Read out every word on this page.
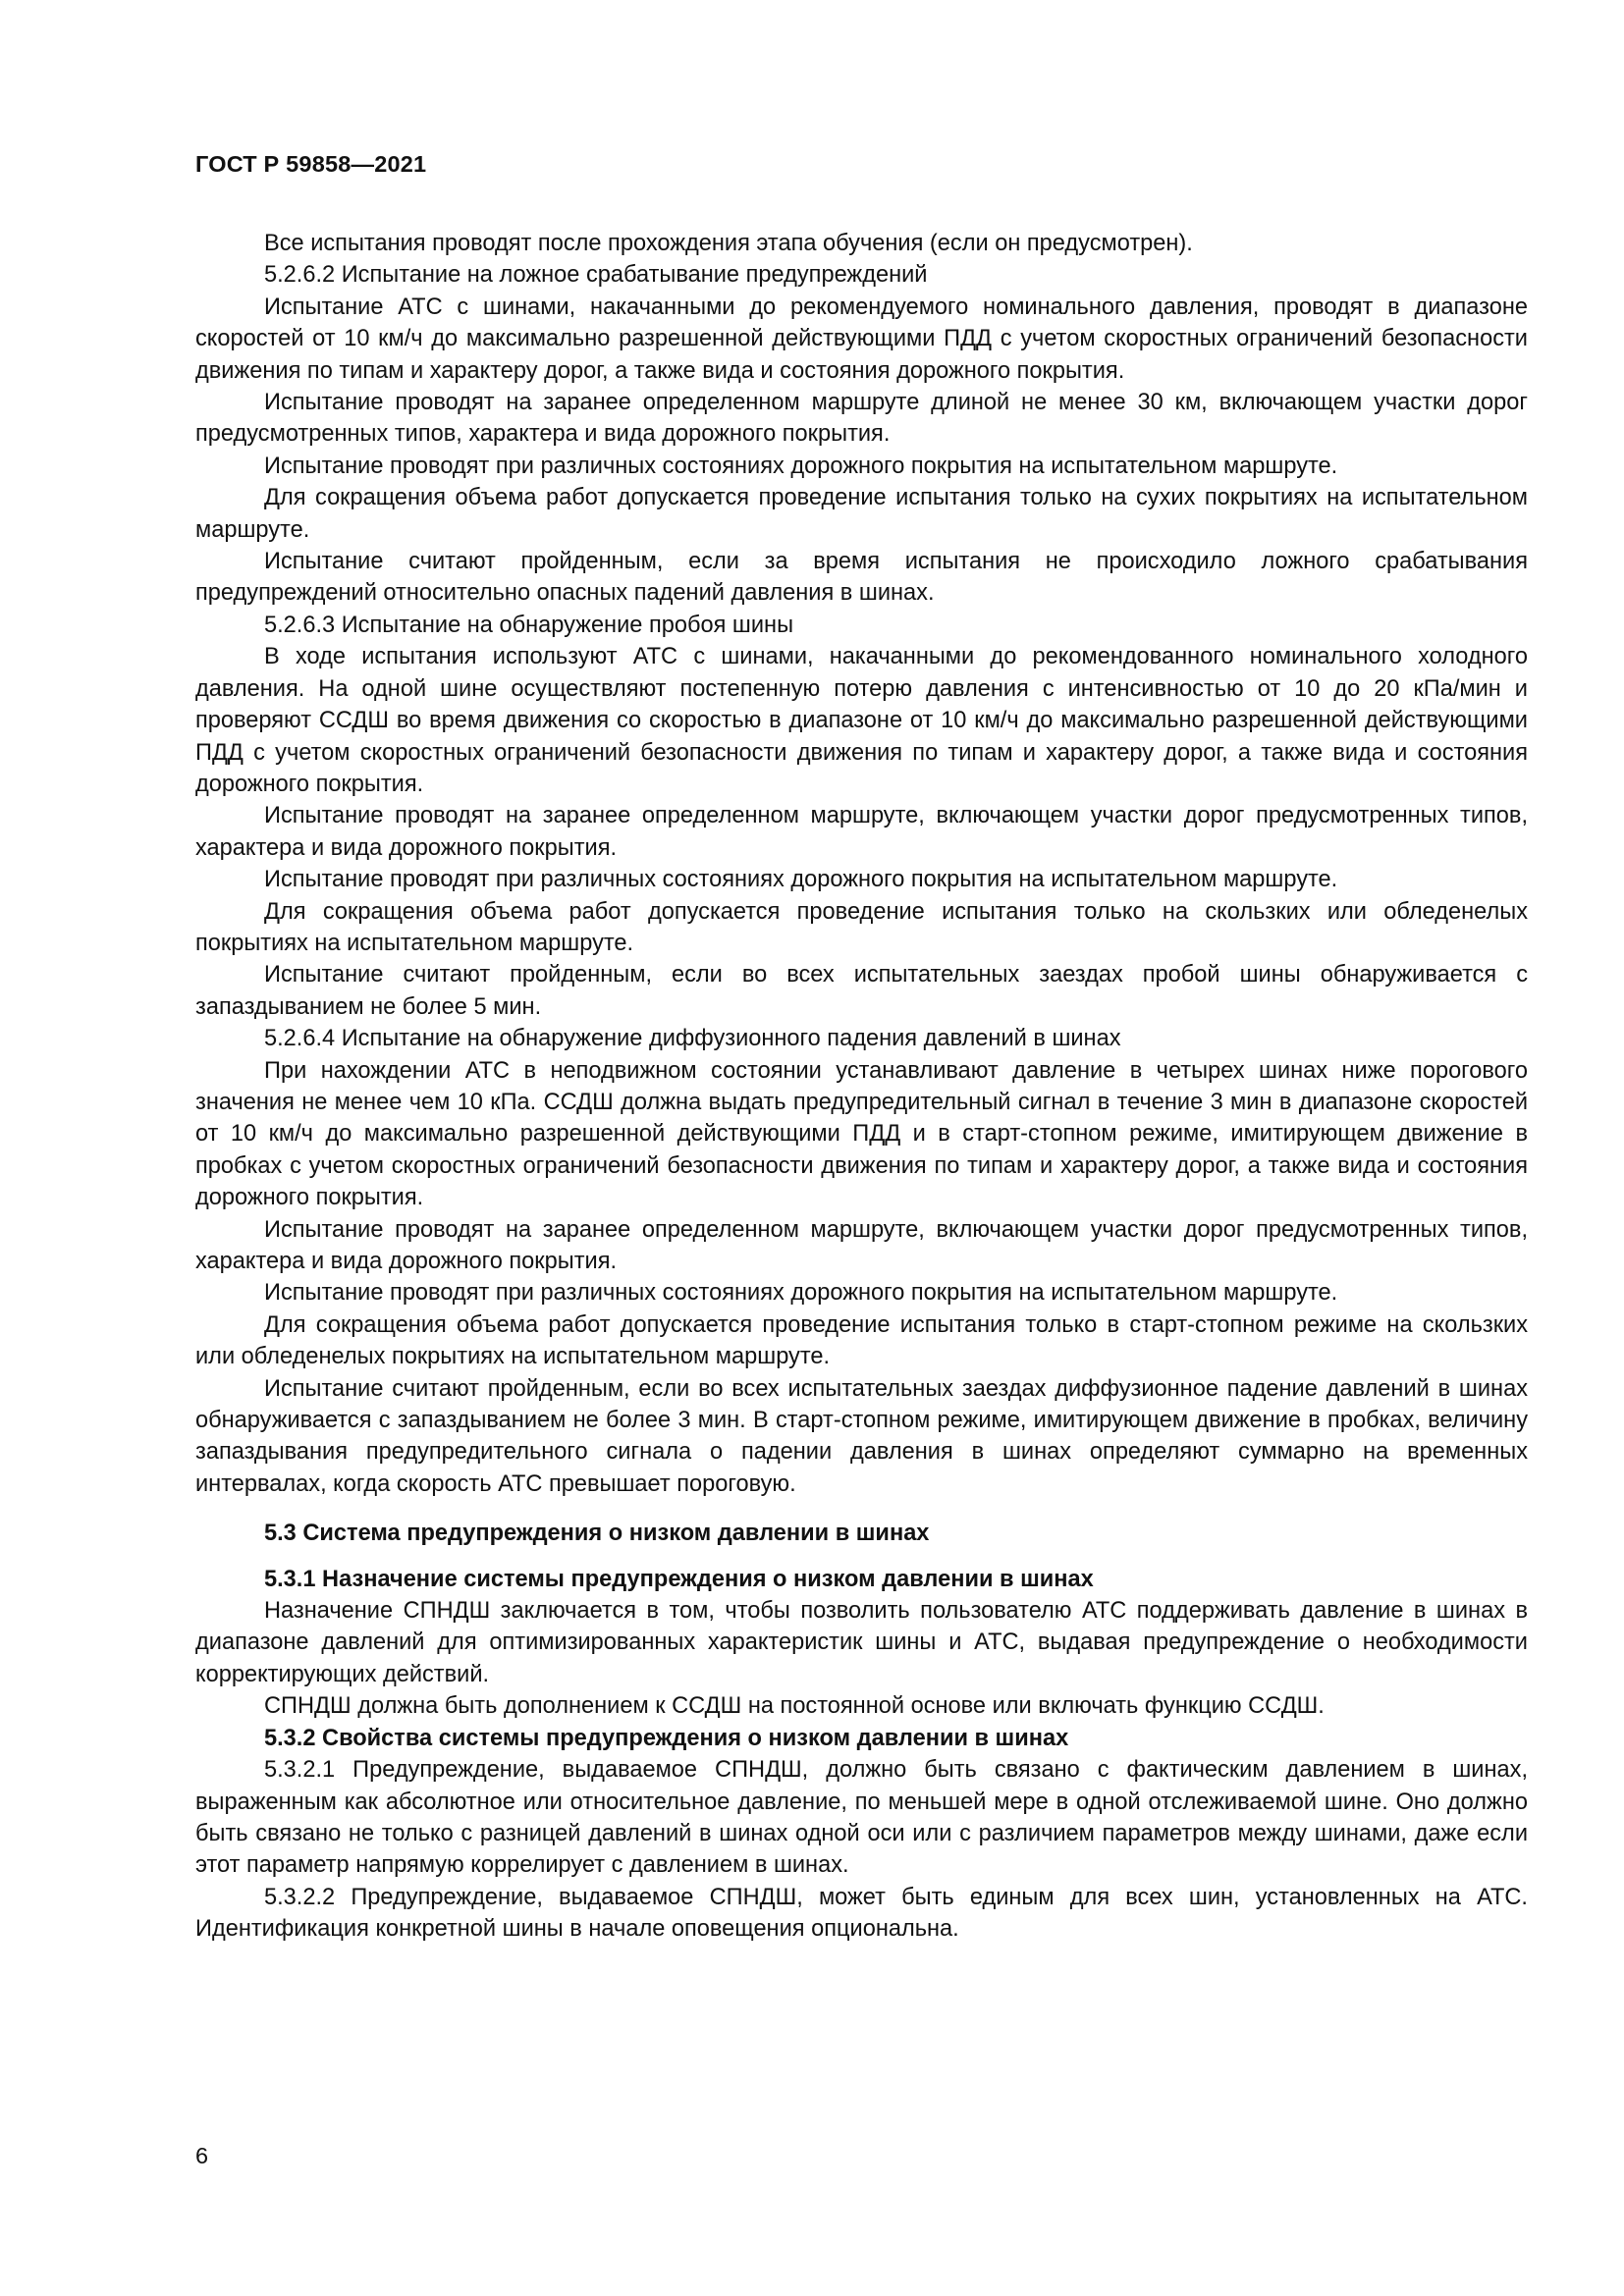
ГОСТ Р 59858—2021

Все испытания проводят после прохождения этапа обучения (если он предусмотрен).

5.2.6.2 Испытание на ложное срабатывание предупреждений

Испытание АТС с шинами, накачанными до рекомендуемого номинального давления, проводят в диапазоне скоростей от 10 км/ч до максимально разрешенной действующими ПДД с учетом скоростных ограничений безопасности движения по типам и характеру дорог, а также вида и состояния дорожного покрытия.

Испытание проводят на заранее определенном маршруте длиной не менее 30 км, включающем участки дорог предусмотренных типов, характера и вида дорожного покрытия.

Испытание проводят при различных состояниях дорожного покрытия на испытательном маршруте.

Для сокращения объема работ допускается проведение испытания только на сухих покрытиях на испытательном маршруте.

Испытание считают пройденным, если за время испытания не происходило ложного срабатывания предупреждений относительно опасных падений давления в шинах.

5.2.6.3 Испытание на обнаружение пробоя шины

В ходе испытания используют АТС с шинами, накачанными до рекомендованного номинального холодного давления. На одной шине осуществляют постепенную потерю давления с интенсивностью от 10 до 20 кПа/мин и проверяют ССДШ во время движения со скоростью в диапазоне от 10 км/ч до максимально разрешенной действующими ПДД с учетом скоростных ограничений безопасности движения по типам и характеру дорог, а также вида и состояния дорожного покрытия.

Испытание проводят на заранее определенном маршруте, включающем участки дорог предусмотренных типов, характера и вида дорожного покрытия.

Испытание проводят при различных состояниях дорожного покрытия на испытательном маршруте.

Для сокращения объема работ допускается проведение испытания только на скользких или обледенелых покрытиях на испытательном маршруте.

Испытание считают пройденным, если во всех испытательных заездах пробой шины обнаруживается с запаздыванием не более 5 мин.

5.2.6.4 Испытание на обнаружение диффузионного падения давлений в шинах

При нахождении АТС в неподвижном состоянии устанавливают давление в четырех шинах ниже порогового значения не менее чем 10 кПа. ССДШ должна выдать предупредительный сигнал в течение 3 мин в диапазоне скоростей от 10 км/ч до максимально разрешенной действующими ПДД и в старт-стопном режиме, имитирующем движение в пробках с учетом скоростных ограничений безопасности движения по типам и характеру дорог, а также вида и состояния дорожного покрытия.

Испытание проводят на заранее определенном маршруте, включающем участки дорог предусмотренных типов, характера и вида дорожного покрытия.

Испытание проводят при различных состояниях дорожного покрытия на испытательном маршруте.

Для сокращения объема работ допускается проведение испытания только в старт-стопном режиме на скользких или обледенелых покрытиях на испытательном маршруте.

Испытание считают пройденным, если во всех испытательных заездах диффузионное падение давлений в шинах обнаруживается с запаздыванием не более 3 мин. В старт-стопном режиме, имитирующем движение в пробках, величину запаздывания предупредительного сигнала о падении давления в шинах определяют суммарно на временных интервалах, когда скорость АТС превышает пороговую.

5.3 Система предупреждения о низком давлении в шинах

5.3.1 Назначение системы предупреждения о низком давлении в шинах

Назначение СПНДШ заключается в том, чтобы позволить пользователю АТС поддерживать давление в шинах в диапазоне давлений для оптимизированных характеристик шины и АТС, выдавая предупреждение о необходимости корректирующих действий.

СПНДШ должна быть дополнением к ССДШ на постоянной основе или включать функцию ССДШ.

5.3.2 Свойства системы предупреждения о низком давлении в шинах

5.3.2.1 Предупреждение, выдаваемое СПНДШ, должно быть связано с фактическим давлением в шинах, выраженным как абсолютное или относительное давление, по меньшей мере в одной отслеживаемой шине. Оно должно быть связано не только с разницей давлений в шинах одной оси или с различием параметров между шинами, даже если этот параметр напрямую коррелирует с давлением в шинах.

5.3.2.2 Предупреждение, выдаваемое СПНДШ, может быть единым для всех шин, установленных на АТС. Идентификация конкретной шины в начале оповещения опциональна.

6
